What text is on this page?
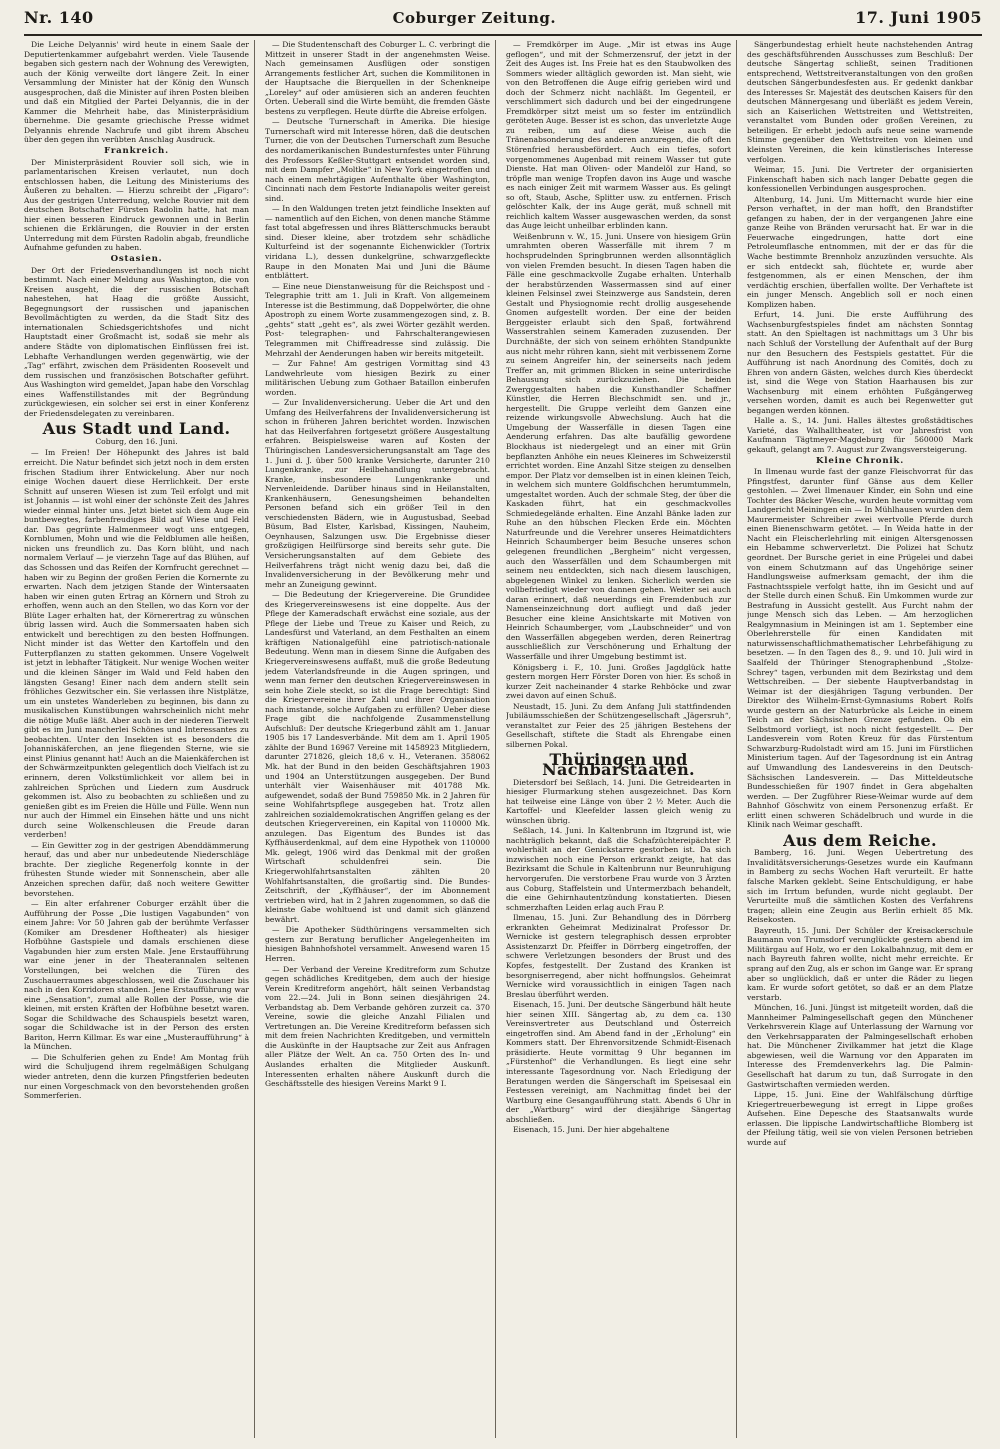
Nr. 140	Coburger Zeitung.	17. Juni 1905

Die Leiche Delyannis' wird heute in einem Saale der Deputiertenkammer aufgebahrt werden. Viele Tausende begaben sich gestern nach der Wohnung des Verewigten, auch der König verweilte dort längere Zeit. In einer Versammlung der Minister hat der König den Wunsch ausgesprochen, daß die Minister auf ihren Posten bleiben und daß ein Mitglied der Partei Delyannis, die in der Kammer die Mehrheit habe, das Ministerpräsidium übernehme. Die gesamte griechische Presse widmet Delyannis ehrende Nachrufe und gibt ihrem Abscheu über den gegen ihn verübten Anschlag Ausdruck.

Frankreich.

Der Ministerpräsident Rouvier soll sich, wie in parlamentarischen Kreisen verlautet, nun doch entschlossen haben, die Leitung des Ministeriums des Äußeren zu behalten. — Hierzu schreibt der „Figaro“: Aus der gestrigen Unterredung, welche Rouvier mit dem deutschen Botschafter Fürsten Radolin hatte, hat man hier einen besseren Eindruck gewonnen und in Berlin schienen die Erklärungen, die Rouvier in der ersten Unterredung mit dem Fürsten Radolin abgab, freundliche Aufnahme gefunden zu haben.

Ostasien.

Der Ort der Friedensverhandlungen ist noch nicht bestimmt. Nach einer Meldung aus Washington, die von Kreisen ausgeht, die der russischen Botschaft nahestehen, hat Haag die größte Aussicht, Begegnungsort der russischen und japanischen Bevollmächtigten zu werden, da die Stadt Sitz des internationalen Schiedsgerichtshofes und nicht Hauptstadt einer Großmacht ist, sodaß sie mehr als andere Städte von diplomatischen Einflüssen frei ist. Lebhafte Verhandlungen werden gegenwärtig, wie der „Tag“ erfährt, zwischen dem Präsidenten Roosevelt und dem russischen und französischen Botschafter geführt. Aus Washington wird gemeldet, Japan habe den Vorschlag eines Waffenstillstandes mit der Begründung zurückgewiesen, ein solcher sei erst in einer Konferenz der Friedensdelegaten zu vereinbaren.

Aus Stadt und Land.
Coburg, den 16. Juni.

— Im Freien! Der Höhepunkt des Jahres ist bald erreicht. Die Natur befindet sich jetzt noch in dem ersten frischen Stadium ihrer Entwickelung. Aber nur noch einige Wochen dauert diese Herrlichkeit. Der erste Schnitt auf unseren Wiesen ist zum Teil erfolgt und mit ist Johannis — ist wohl einer der schönste Zeit des Jahres wieder einmal hinter uns. Jetzt bietet sich dem Auge ein buntbewegtes, farbenfreudiges Bild auf Wiese und Feld dar. Das gegrünte Halmenmeer wogt uns entgegen, Kornblumen, Mohn und wie die Feldblumen alle heißen, nicken uns freundlich zu. Das Korn blüht, und nach normalem Verlauf — je vierzehn Tage auf das Blühen, auf das Schossen und das Reifen der Kornfrucht gerechnet — haben wir zu Beginn der großen Ferien die Kornernte zu erwarten. Nach dem jetzigen Stande der Wintersaaten haben wir einen guten Ertrag an Körnern und Stroh zu erhoffen, wenn auch an den Stellen, wo das Korn vor der Blüte Lager erhalten hat, der Körnerertrag zu wünschen übrig lassen wird. Auch die Sommersaaten haben sich entwickelt und berechtigen zu den besten Hoffnungen. Nicht minder ist das Wetter den Kartoffeln und den Futterpflanzen zu statten gekommen. Unsere Vogelwelt ist jetzt in lebhafter Tätigkeit. Nur wenige Wochen weiter und die kleinen Sänger im Wald und Feld haben den längsten Gesang! Einer nach dem andern stellt sein fröhliches Gezwitscher ein. Sie verlassen ihre Nistplätze, um ein unstetes Wanderleben zu beginnen, bis dann zu musikalischen Kunstübungen wahrscheinlich nicht mehr die nötige Muße läßt. Aber auch in der niederen Tierwelt gibt es im Juni mancherlei Schönes und Interessantes zu beobachten. Unter den Insekten ist es besonders die Johanniskäferchen, an jene fliegenden Sterne, wie sie einst Plinius genannt hat! Auch an die Maienkäferchen ist der Schwärmzeitpunkten gelegentlich doch Vielfach ist zu erinnern, deren Volkstümlichkeit vor allem bei in zahlreichen Sprüchen und Liedern zum Ausdruck gekommen ist. Also zu beobachten zu schließen und zu genießen gibt es im Freien die Hülle und Fülle. Wenn nun nur auch der Himmel ein Einsehen hätte und uns nicht durch seine Wolkenschleusen die Freude daran verderben!

— Ein Gewitter zog in der gestrigen Abenddämmerung herauf, das und aber nur unbedeutende Niederschläge brachte. Der ziegliche Regenerfolg konnte in der frühesten Stunde wieder mit Sonnenschein, aber alle Anzeichen sprechen dafür, daß noch weitere Gewitter bevorstehen.

— Ein alter erfahrener Coburger erzählt über die Aufführung der Posse „Die lustigen Vagabunden“ von einem Jahre: Vor 50 Jahren gab der berühmte Verfasser (Komiker am Dresdener Hoftheater) als hiesiger Hofbühne Gastspiele und damals erschienen diese Vagabunden hier zum ersten Male. Jene Erstaufführung war eine jener in der Theaterannalen seltenen Vorstellungen, bei welchen die Türen des Zuschauerraumes abgeschlossen, weil die Zuschauer bis nach in den Korridoren standen. Jene Erstaufführung war eine „Sensation“, zumal alle Rollen der Posse, wie die kleinen, mit ersten Kräften der Hofbühne besetzt waren. Sogar die Schildwache des Schauspiels besetzt waren, sogar die Schildwache ist in der Person des ersten Bariton, Herrn Killmar. Es war eine „Musteraufführung“ à la München.

— Die Schulferien gehen zu Ende! Am Montag früh wird die Schuljugend ihrem regelmäßigen Schulgang wieder antreten, denn die kurzen Pfingstferien bedeuten nur einen Vorgeschmack von den bevorstehenden großen Sommerferien.

— Die Studentenschaft des Coburger L. C. verbringt die Mittzeit in unserer Stadt in der angenehmsten Weise. Nach gemeinsamen Ausflügen oder sonstigen Arrangements festlicher Art, suchen die Kommilitonen in der Hauptsache die Bierquellen in der Schenkneipe „Loreley“ auf oder amüsieren sich an anderen feuchten Orten. Ueberall sind die Wirte bemüht, die fremden Gäste bestens zu verpflegen. Heute dürfte die Abreise erfolgen.

— Deutsche Turnerschaft in Amerika. Die hiesige Turnerschaft wird mit Interesse hören, daß die deutschen Turner, die von der Deutschen Turnerschaft zum Besuche des nordamerikanischen Bundesturnfestes unter Führung des Professors Keßler-Stuttgart entsendet worden sind, mit dem Dampfer „Moltke“ in New York eingetroffen und nach einem mehrtägigen Aufenthalte über Washington, Cincinnati nach dem Festorte Indianapolis weiter gereist sind.

— In den Waldungen treten jetzt feindliche Insekten auf — namentlich auf den Eichen, von denen manche Stämme fast total abgefressen und ihres Blätterschmucks beraubt sind. Dieser kleine, aber trotzdem sehr schädliche Kulturfeind ist der sogenannte Eichenwickler (Tortrix viridana L.), dessen dunkelgrüne, schwarzgefleckte Raupe in den Monaten Mai und Juni die Bäume entblättert.

— Eine neue Dienstanweisung für die Reichspost und -Telegraphie tritt am 1. Juli in Kraft. Von allgemeinem Interesse ist die Bestimmung, daß Doppelwörter, die ohne Apostroph zu einem Worte zusammengezogen sind, z. B. „gehts“ statt „geht es“, als zwei Wörter gezählt werden. Post- telegraphen- und Fahrschalterangewiesen Telegrammen mit Chiffreadresse sind zulässig. Die Mehrzahl der Aenderungen haben wir bereits mitgeteilt.

— Zur Fahne! Am gestrigen Vormittag sind 43 Landwehrleute vom hiesigen Bezirk zu einer militärischen Uebung zum Gothaer Bataillon einberufen worden.

— Zur Invalidenversicherung. Ueber die Art und den Umfang des Heilverfahrens der Invalidenversicherung ist schon in früheren Jahren berichtet worden. Inzwischen hat das Heilverfahren fortgesetzt größere Ausgestaltung erfahren. Beispielsweise waren auf Kosten der Thüringischen Landesversicherungsanstalt am Tage des 1. Juni d. J. über 500 kranke Versicherte, darunter 210 Lungenkranke, zur Heilbehandlung untergebracht. Kranke, insbesondere Lungenkranke und Nervenleidende. Darüber hinaus sind in Heilanstalten, Krankenhäusern, Genesungsheimen behandelten Personen befand sich ein größer Teil in den verschiedensten Bädern, wie in Augustusbad, Seebad Büsum, Bad Elster, Karlsbad, Kissingen, Nauheim, Oeynhausen, Salzungen usw. Die Ergebnisse dieser großzügigen Heilfürsorge sind bereits sehr gute. Die Versicherungsanstalten auf dem Gebiete des Heilverfahrens trägt nicht wenig dazu bei, daß die Invalidenversicherung in der Bevölkerung mehr und mehr an Zuneigung gewinnt.

— Die Bedeutung der Kriegervereine. Die Grundidee des Kriegervereinswesens ist eine doppelte. Aus der Pflege der Kameradschaft erwächst eine soziale, aus der Pflege der Liebe und Treue zu Kaiser und Reich, zu Landesfürst und Vaterland, an dem Festhalten an einem kräftigen Nationalgefühl eine patriotisch-nationale Bedeutung. Wenn man in diesem Sinne die Aufgaben des Kriegervereinswesens auffaßt, muß die große Bedeutung jedem Vaterlandsfreunde in die Augen springen, und wenn man ferner den deutschen Kriegervereinswesen in sein hohe Ziele steckt, so ist die Frage berechtigt: Sind die Kriegervereine ihrer Zahl und ihrer Organisation nach imstande, solche Aufgaben zu erfüllen? Ueber diese Frage gibt die nachfolgende Zusammenstellung Aufschluß: Der deutsche Kriegerbund zählt am 1. Januar 1905 bis 17 Landesverbände. Mit dem am 1. April 1905 zählte der Bund 16967 Vereine mit 1458923 Mitgliedern, darunter 271826, gleich 18,6 v. H., Veteranen. 358062 Mk. hat der Bund in den beiden Geschäftsjahren 1903 und 1904 an Unterstützungen ausgegeben. Der Bund unterhält vier Waisenhäuser mit 401788 Mk. aufgewendet, sodaß der Bund 759850 Mk. in 2 Jahren für seine Wohlfahrtspflege ausgegeben hat. Trotz allen zahlreichen sozialdemokratischen Angriffen gelang es der deutschen Kriegervereinen, ein Kapital von 110000 Mk. anzulegen. Das Eigentum des Bundes ist das Kyffhäuserdenkmal, auf dem eine Hypothek von 110000 Mk. gelegt, 1906 wird das Denkmal mit der großen Wirtschaft schuldenfrei sein. Die Kriegerwohlfahrtsanstalten zählten 20 Wohlfahrtsanstalten, die großartig sind. Die Bundes-Zeitschrift, der „Kyffhäuser“, der im Abonnement vertrieben wird, hat in 2 Jahren zugenommen, so daß die kleinste Gabe wohltuend ist und damit sich glänzend bewährt.

— Die Apotheker Südthüringens versammelten sich gestern zur Beratung beruflicher Angelegenheiten im hiesigen Bahnhofshotel versammelt. Anwesend waren 15 Herren.

— Der Verband der Vereine Kreditreform zum Schutze gegen schädliches Kreditgeben, dem auch der hiesige Verein Kreditreform angehört, hält seinen Verbandstag vom 22.—24. Juli in Bonn seinen diesjährigen 24. Verbandstag ab. Dem Verbande gehören zurzeit ca. 370 Vereine, sowie die gleiche Anzahl Filialen und Vertretungen an. Die Vereine Kreditreform befassen sich mit dem freien Nachrichten Kreditgeben, und vermitteln die Auskünfte in der Hauptsache zur Zeit aus Anfragen aller Plätze der Welt. An ca. 750 Orten des In- und Auslandes erhalten die Mitglieder Auskunft. Interessenten erhalten nähere Auskunft durch die Geschäftsstelle des hiesigen Vereins Markt 9 I.

— Fremdkörper im Auge. „Mir ist etwas ins Auge geflogen“, und mit der Schmerzensruf, der jetzt in der Zeit des Auges ist. Ins Freie hat es den Staubwolken des Sommers wieder alltäglich geworden ist. Man sieht, wie von den Betroffenen die Auge eifrig gerieben wird und doch der Schmerz nicht nachläßt. Im Gegenteil, er verschlimmert sich dadurch und bei der eingedrungene Fremdkörper sitzt meist um so fester im entzündlich geröteten Auge. Besser ist es schon, das unverletzte Auge zu reiben, um auf diese Weise auch die Tränenabsonderung des anderen anzuregen, die oft den Störenfried herausbefördert. Auch ein tiefes, sofort vorgenommenes Augenbad mit reinem Wasser tut gute Dienste. Hat man Oliven- oder Mandelöl zur Hand, so tröpfle man wenige Tropfen davon ins Auge und wasche es nach einiger Zeit mit warmem Wasser aus. Es gelingt so oft, Staub, Asche, Splitter usw. zu entfernen. Frisch gelöschter Kalk, der ins Auge gerät, muß schnell mit reichlich kaltem Wasser ausgewaschen werden, da sonst das Auge leicht unheilbar erblinden kann.

Weißenbrunn v. W., 15. Juni. Unsere von hiesigem Grün umrahmten oberen Wasserfälle mit ihrem 7 m hochsprudelnden Springbrunnen werden allsonntäglich von vielen Fremden besucht. In diesen Tagen haben die Fälle eine geschmackvolle Zugabe erhalten. Unterhalb der herabstürzenden Wassermassen sind auf einer kleinen Felsinsel zwei Steinzwerge aus Sandstein, deren Gestalt und Physiognomie recht drollig ausgesehende Gnomen aufgestellt worden. Der eine der beiden Berggeister erlaubt sich den Spaß, fortwährend Wasserstrahlen seinem Kameraden zuzusenden. Der Durchnäßte, der sich von seinem erhöhten Standpunkte aus nicht mehr rühren kann, sieht mit verbissenem Zorne zu seinem Angreifer hin, der seinerseits nach jedem Treffer an, mit grimmen Blicken in seine unterirdische Behausung sich zurückzuziehen. Die beiden Zwerggestalten haben die Kunsthandler Schaffner Künstler, die Herren Blechschmidt sen. und jr., hergestellt. Die Gruppe verleiht dem Ganzen eine reizende wirkungsvolle Abwechslung. Auch hat die Umgebung der Wasserfälle in diesen Tagen eine Aenderung erfahren. Das alte baufällig gewordene Blockhaus ist niedergelegt und an einer mit Grün bepflanzten Anhöhe ein neues Kleineres im Schweizerstil errichtet worden. Eine Anzahl Sitze steigen zu denselben empor. Der Platz vor demselben ist in einen kleinen Teich, in welchem sich muntere Goldfischchen herumtummeln, umgestaltet worden. Auch der schmale Steg, der über die Kaskaden führt, hat ein geschmackvolles Schmiedegelände erhalten. Eine Anzahl Bänke laden zur Ruhe an den hübschen Flecken Erde ein. Möchten Naturfreunde und die Verehrer unseres Heimatdichters Heinrich Schaumberger beim Besuche unseres schon gelegenen freundlichen „Bergheim“ nicht vergessen, auch den Wasserfällen und dem Schaumbergen mit seinem neu entdeckten, sich nach diesem lauschigen, abgelegenen Winkel zu lenken. Sicherlich werden sie vollbefriedigt wieder von dannen gehen. Weiter sei auch daran erinnert, daß neuerdings ein Fremdenbuch zur Namenseinzeichnung dort aufliegt und daß jeder Besucher eine kleine Ansichtskarte mit Motiven von Heinrich Schaumberger, vom „Laubschneider“ und von den Wasserfällen abgegeben werden, deren Reinertrag ausschließlich zur Verschönerung und Erhaltung der Wasserfälle und ihrer Umgebung bestimmt ist.

Königsberg i. F., 10. Juni. Großes Jagdglück hatte gestern morgen Herr Förster Doren von hier. Es schoß in kurzer Zeit nacheinander 4 starke Rehböcke und zwar zwei davon auf einen Schuß.

Neustadt, 15. Juni. Zu dem Anfang Juli stattfindenden Jubiläumsschießen der Schützengesellschaft „Jägersruh“, veranstaltet zur Feier des 25 jährigen Bestehens der Gesellschaft, stiftete die Stadt als Ehrengabe einen silbernen Pokal.

Thüringen und Nachbarstaaten.

Dietersdorf bei Seßlach, 14. Juni. Die Getreidearten in hiesiger Flurmarkung stehen ausgezeichnet. Das Korn hat teilweise eine Länge von über 2 ½ Meter. Auch die Kartoffel- und Kleefelder lassen gleich wenig zu wünschen übrig.

Seßlach, 14. Juni. In Kaltenbrunn im Itzgrund ist, wie nachträglich bekannt, daß die Schafzüchtereipächter P. wohlerhält an der Genickstarre gestorben ist. Da sich inzwischen noch eine Person erkrankt zeigte, hat das Bezirksamt die Schule in Kaltenbrunn nur Beunruhigung hervorgerufen. Die verstorbene Frau wurde von 3 Ärzten aus Coburg, Staffelstein und Untermerzbach behandelt, die eine Gehirnhautentzündung konstatierten. Diesen schmerzhaften Leiden erlag auch Frau P.

Ilmenau, 15. Juni. Zur Behandlung des in Dörrberg erkrankten Geheimrat Medizinalrat Professor Dr. Wernicke ist gestern telegraphisch dessen erprobter Assistenzarzt Dr. Pfeiffer in Dörrberg eingetroffen, der schwere Verletzungen besonders der Brust und des Kopfes, festgestellt. Der Zustand des Kranken ist besorgniserregend, aber nicht hoffnungslos. Geheimrat Wernicke wird voraussichtlich in einigen Tagen nach Breslau überführt werden.

Eisenach, 15. Juni. Der deutsche Sängerbund hält heute hier seinen XIII. Sängertag ab, zu dem ca. 130 Vereinsvertreter aus Deutschland und Österreich eingetroffen sind. Am Abend fand in der „Erholung“ ein Kommers statt. Der Ehrenvorsitzende Schmidt-Eisenach präsidierte. Heute vormittag 9 Uhr begannen im „Fürstenhof“ die Verhandlungen. Es liegt eine sehr interessante Tagesordnung vor. Nach Erledigung der Beratungen werden die Sängerschaft im Speisesaal ein Festessen vereinigt, am Nachmittag findet bei der Wartburg eine Gesangaufführung statt. Abends 6 Uhr in der „Wartburg“ wird der diesjährige Sängertag abschließen.

Eisenach, 15. Juni. Der hier abgehaltene

Sängerbundestag erhielt heute nachstehenden Antrag des geschäftsführenden Ausschusses zum Beschluß: Der deutsche Sängertag schließt, seinen Traditionen entsprechend, Wettstreitveranstaltungen von den großen deutschen Sängerbundesfesten aus. Er gedenkt dankbar des Interesses Sr. Majestät des deutschen Kaisers für den deutschen Männergesang und überläßt es jedem Verein, sich an Kaiserlichen Wettstreiten und Wettstreiten, veranstaltet vom Bunden oder großen Vereinen, zu beteiligen. Er erhebt jedoch aufs neue seine warnende Stimme gegenüber den Wettstreiten von kleinen und kleinsten Vereinen, die kein künstlerisches Interesse verfolgen.

Weimar, 15. Juni. Die Vertreter der organisierten Finkenschaft haben sich nach langer Debatte gegen die konfessionellen Verbindungen ausgesprochen.

Altenburg, 14. Juni. Um Mitternacht wurde hier eine Person verhaftet, in der man hofft, den Brandstifter gefangen zu haben, der in der vergangenen Jahre eine ganze Reihe von Bränden verursacht hat. Er war in die Feuerwache eingedrungen, hatte dort eine Petroleumflasche entnommen, mit der er das für die Wache bestimmte Brennholz anzuzünden versuchte. Als er sich entdeckt sah, flüchtete er, wurde aber festgenommen, als er einen Menschen, der ihm verdächtig erschien, überfallen wollte. Der Verhaftete ist ein junger Mensch. Angeblich soll er noch einen Komplizen haben.

Erfurt, 14. Juni. Die erste Aufführung des Wachsenburgfestspieles findet am nächsten Sonntag statt. An den Spieltagen ist nachmittags um 3 Uhr bis nach Schluß der Vorstellung der Aufenthalt auf der Burg nur den Besuchern des Festspiels gestattet. Für die Aufführung ist nach Anordnung des Comités, doch zu Ehren von andern Gästen, welches durch Kies überdeckt ist, sind die Wege von Station Haarhausen bis zur Wachsenburg mit einem erhöhten Fußgängerweg versehen worden, damit es auch bei Regenwetter gut begangen werden können.

Halle a. S., 14. Juni. Halles ältestes großstädtisches Varieté, das Walhalltheater, ist vor Jahresfrist von Kaufmann Tägtmeyer-Magdeburg für 560000 Mark gekauft, gelangt am 7. August zur Zwangsversteigerung.

Kleine Chronik.

In Ilmenau wurde fast der ganze Fleischvorrat für das Pfingstfest, darunter fünf Gänse aus dem Keller gestohlen. — Zwei Ilmenauer Kinder, ein Sohn und eine Tochter des Bäcker Wesche, wurden heute vormittag vom Landgericht Meiningen ein — In Mühlhausen wurden dem Maurermeister Schreiber zwei wertvolle Pferde durch einen Bienenschwarm getötet. — In Weida hatte in der Nacht ein Fleischerlehrling mit einigen Altersgenossen ein Hebamme schwerverletzt. Die Polizei hat Schutz geordnet. Der Bursche geriet in eine Prügelei und dabei von einem Schutzmann auf das Ungehörige seiner Handlungsweise aufmerksam gemacht, der ihm die Fastnachtsspiele verfolgt hatte, ihn im Gesicht und auf der Stelle durch einen Schuß. Ein Umkommen wurde zur Bestrafung in Aussicht gestellt. Aus Furcht nahm der junge Mensch sich das Leben. — Am herzoglichen Realgymnasium in Meiningen ist am 1. September eine Oberlehrerstelle für einen Kandidaten mit naturwissenschaftlichmathematischer Lehrbefähigung zu besetzen. — In den Tagen des 8., 9. und 10. Juli wird in Saalfeld der Thüringer Stenographenbund „Stolze-Schrey“ tagen, verbunden mit dem Bezirkstag und dem Wettschreiben. — Der siebente Hauptverbandstag in Weimar ist der diesjährigen Tagung verbunden. Der Direktor des Wilhelm-Ernst-Gymnasiums Robert Rolfs wurde gestern an der Naturbrücke als Leiche in einem Teich an der Sächsischen Grenze gefunden. Ob ein Selbstmord vorliegt, ist noch nicht festgestellt. — Der Landesverein vom Roten Kreuz für das Fürstentum Schwarzburg-Rudolstadt wird am 15. Juni im Fürstlichen Ministerium tagen. Auf der Tagesordnung ist ein Antrag auf Umwandlung des Landesvereins in den Deutsch-Sächsischen Landesverein. — Das Mitteldeutsche Bundesschießen für 1907 findet in Gera abgehalten werden. — Der Zugführer Riese-Weimar wurde auf dem Bahnhof Göschwitz von einem Personenzug erfaßt. Er erlitt einen schweren Schädelbruch und wurde in die Klinik nach Weimar geschafft.

Aus dem Reiche.

Bamberg, 16. Juni. Wegen Uebertretung des Invaliditätsversicherungs-Gesetzes wurde ein Kaufmann in Bamberg zu sechs Wochen Haft verurteilt. Er hatte falsche Marken geklebt. Seine Entschuldigung, er habe sich im Irrtum befunden, wurde nicht geglaubt. Der Verurteilte muß die sämtlichen Kosten des Verfahrens tragen; allein eine Zeugin aus Berlin erhielt 85 Mk. Reisekosten.

Bayreuth, 15. Juni. Der Schüler der Kreisackerschule Baumann von Trumsdorf verunglückte gestern abend im Militärgau auf Holz, wo er den Lokalbahnzug, mit dem er nach Bayreuth fahren wollte, nicht mehr erreichte. Er sprang auf den Zug, als er schon im Gange war. Er sprang aber so unglücklich, daß er unter die Räder zu liegen kam. Er wurde sofort getötet, so daß er an dem Platze verstarb.

München, 16. Juni. Jüngst ist mitgeteilt worden, daß die Mannheimer Palmingesellschaft gegen den Münchener Verkehrsverein Klage auf Unterlassung der Warnung vor den Verkehrsapparaten der Palmingesellschaft erhoben hat. Die Münchener Zivilkammer hat jetzt die Klage abgewiesen, weil die Warnung vor den Apparaten im Interesse des Fremdenverkehrs lag. Die Palmin-Gesellschaft hat darum zu tun, daß Surrogate in den Gastwirtschaften vermieden werden.

Lippe, 15. Juni. Eine der Wahlfälschung dürftige Kriegertreuerbewegung ist erregt in Lippe großes Aufsehen. Eine Depesche des Staatsanwalts wurde erlassen. Die lippische Landwirtschaftliche Blomberg ist der Pfeilung tätig, weil sie von vielen Personen betrieben wurde auf
